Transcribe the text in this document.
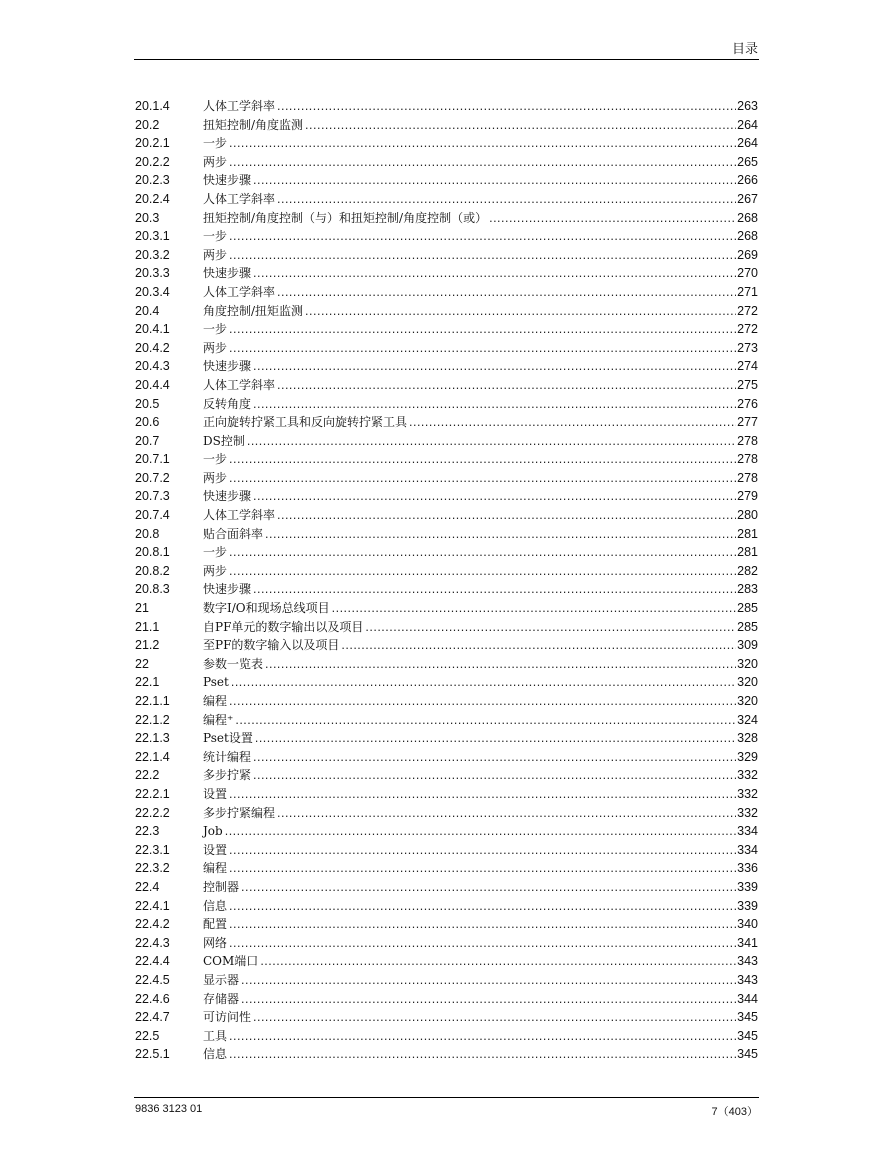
目录
20.1.4	人体工学斜率 .....	263
20.2	扭矩控制/角度监测 .....	264
20.2.1	一步 .....	264
20.2.2	两步 .....	265
20.2.3	快速步骤 .....	266
20.2.4	人体工学斜率 .....	267
20.3	扭矩控制/角度控制（与）和扭矩控制/角度控制（或） .....	268
20.3.1	一步 .....	268
20.3.2	两步 .....	269
20.3.3	快速步骤 .....	270
20.3.4	人体工学斜率 .....	271
20.4	角度控制/扭矩监测 .....	272
20.4.1	一步 .....	272
20.4.2	两步 .....	273
20.4.3	快速步骤 .....	274
20.4.4	人体工学斜率 .....	275
20.5	反转角度 .....	276
20.6	正向旋转拧紧工具和反向旋转拧紧工具 .....	277
20.7	DS控制 .....	278
20.7.1	一步 .....	278
20.7.2	两步 .....	278
20.7.3	快速步骤 .....	279
20.7.4	人体工学斜率 .....	280
20.8	贴合面斜率 .....	281
20.8.1	一步 .....	281
20.8.2	两步 .....	282
20.8.3	快速步骤 .....	283
21	数字I/O和现场总线项目 .....	285
21.1	自PF单元的数字输出以及项目 .....	285
21.2	至PF的数字输入以及项目 .....	309
22	参数一览表 .....	320
22.1	Pset .....	320
22.1.1	编程 .....	320
22.1.2	编程⁺ .....	324
22.1.3	Pset设置 .....	328
22.1.4	统计编程 .....	329
22.2	多步拧紧 .....	332
22.2.1	设置 .....	332
22.2.2	多步拧紧编程 .....	332
22.3	Job .....	334
22.3.1	设置 .....	334
22.3.2	编程 .....	336
22.4	控制器 .....	339
22.4.1	信息 .....	339
22.4.2	配置 .....	340
22.4.3	网络 .....	341
22.4.4	COM端口 .....	343
22.4.5	显示器 .....	343
22.4.6	存储器 .....	344
22.4.7	可访问性 .....	345
22.5	工具 .....	345
22.5.1	信息 .....	345
9836 3123 01	7（403）
